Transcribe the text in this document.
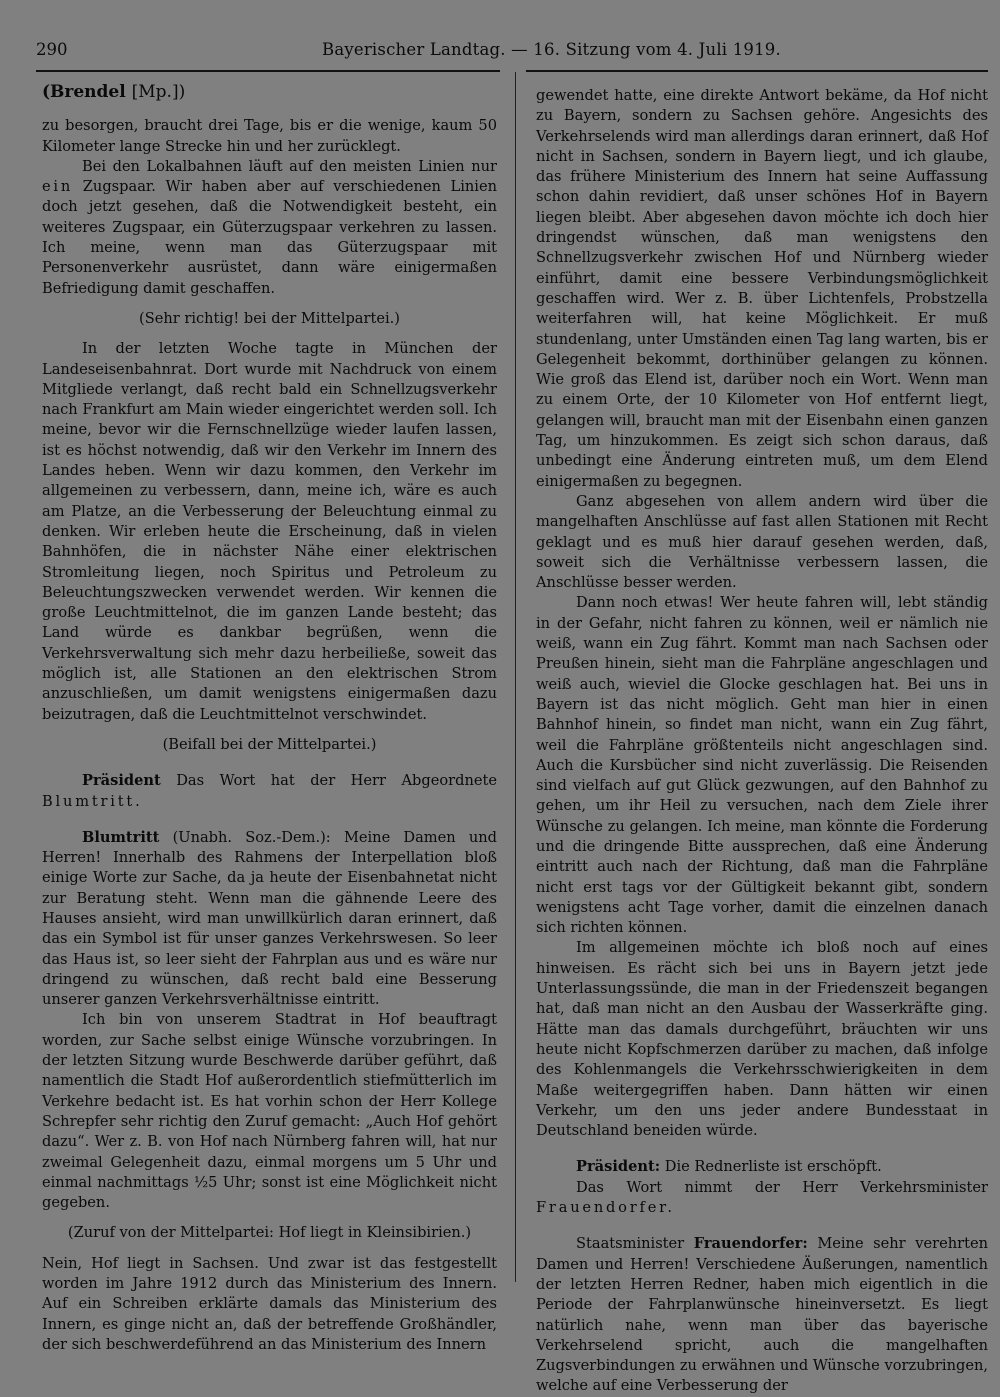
290	Bayerischer Landtag. — 16. Sitzung vom 4. Juli 1919.
(Brendel [Mp.])

zu besorgen, braucht drei Tage, bis er die wenige, kaum 50 Kilometer lange Strecke hin und her zurücklegt.

Bei den Lokalbahnen läuft auf den meisten Linien nur ein Zugspaar. Wir haben aber auf verschiedenen Linien doch jetzt gesehen, daß die Notwendigkeit besteht, ein weiteres Zugspaar, ein Güterzugspaar verkehren zu lassen. Ich meine, wenn man das Güterzugspaar mit Personenverkehr ausrüstet, dann wäre einigermaßen Befriedigung damit geschaffen.

(Sehr richtig! bei der Mittelpartei.)

In der letzten Woche tagte in München der Landeseisenbahnrat. Dort wurde mit Nachdruck von einem Mitgliede verlangt, daß recht bald ein Schnellzugsverkehr nach Frankfurt am Main wieder eingerichtet werden soll. Ich meine, bevor wir die Fernschnellzüge wieder laufen lassen, ist es höchst notwendig, daß wir den Verkehr im Innern des Landes heben. Wenn wir dazu kommen, den Verkehr im allgemeinen zu verbessern, dann, meine ich, wäre es auch am Platze, an die Verbesserung der Beleuchtung einmal zu denken. Wir erleben heute die Erscheinung, daß in vielen Bahnhöfen, die in nächster Nähe einer elektrischen Stromleitung liegen, noch Spiritus und Petroleum zu Beleuchtungszwecken verwendet werden. Wir kennen die große Leuchtmittelnot, die im ganzen Lande besteht; das Land würde es dankbar begrüßen, wenn die Verkehrsverwaltung sich mehr dazu herbeiließe, soweit das möglich ist, alle Stationen an den elektrischen Strom anzuschließen, um damit wenigstens einigermaßen dazu beizutragen, daß die Leuchtmittelnot verschwindet.

(Beifall bei der Mittelpartei.)

Präsident Das Wort hat der Herr Abgeordnete Blumtritt.

Blumtritt (Unabh. Soz.-Dem.): Meine Damen und Herren! Innerhalb des Rahmens der Interpellation bloß einige Worte zur Sache, da ja heute der Eisenbahnetat nicht zur Beratung steht. Wenn man die gähnende Leere des Hauses ansieht, wird man unwillkürlich daran erinnert, daß das ein Symbol ist für unser ganzes Verkehrswesen. So leer das Haus ist, so leer sieht der Fahrplan aus und es wäre nur dringend zu wünschen, daß recht bald eine Besserung unserer ganzen Verkehrsverhältnisse eintritt.

Ich bin von unserem Stadtrat in Hof beauftragt worden, zur Sache selbst einige Wünsche vorzubringen. In der letzten Sitzung wurde Beschwerde darüber geführt, daß namentlich die Stadt Hof außerordentlich stiefmütterlich im Verkehre bedacht ist. Es hat vorhin schon der Herr Kollege Schrepfer sehr richtig den Zuruf gemacht: „Auch Hof gehört dazu“. Wer z. B. von Hof nach Nürnberg fahren will, hat nur zweimal Gelegenheit dazu, einmal morgens um 5 Uhr und einmal nachmittags ½5 Uhr; sonst ist eine Möglichkeit nicht gegeben.

(Zuruf von der Mittelpartei: Hof liegt in Kleinsibirien.)

Nein, Hof liegt in Sachsen. Und zwar ist das festgestellt worden im Jahre 1912 durch das Ministerium des Innern. Auf ein Schreiben erklärte damals das Ministerium des Innern, es ginge nicht an, daß der betreffende Großhändler, der sich beschwerdeführend an das Ministerium des Innern

gewendet hatte, eine direkte Antwort bekäme, da Hof nicht zu Bayern, sondern zu Sachsen gehöre. Angesichts des Verkehrselends wird man allerdings daran erinnert, daß Hof nicht in Sachsen, sondern in Bayern liegt, und ich glaube, das frühere Ministerium des Innern hat seine Auffassung schon dahin revidiert, daß unser schönes Hof in Bayern liegen bleibt. Aber abgesehen davon möchte ich doch hier dringendst wünschen, daß man wenigstens den Schnellzugsverkehr zwischen Hof und Nürnberg wieder einführt, damit eine bessere Verbindungsmöglichkeit geschaffen wird. Wer z. B. über Lichtenfels, Probstzella weiterfahren will, hat keine Möglichkeit. Er muß stundenlang, unter Umständen einen Tag lang warten, bis er Gelegenheit bekommt, dorthinüber gelangen zu können. Wie groß das Elend ist, darüber noch ein Wort. Wenn man zu einem Orte, der 10 Kilometer von Hof entfernt liegt, gelangen will, braucht man mit der Eisenbahn einen ganzen Tag, um hinzukommen. Es zeigt sich schon daraus, daß unbedingt eine Änderung eintreten muß, um dem Elend einigermaßen zu begegnen.

Ganz abgesehen von allem andern wird über die mangelhaften Anschlüsse auf fast allen Stationen mit Recht geklagt und es muß hier darauf gesehen werden, daß, soweit sich die Verhältnisse verbessern lassen, die Anschlüsse besser werden.

Dann noch etwas! Wer heute fahren will, lebt ständig in der Gefahr, nicht fahren zu können, weil er nämlich nie weiß, wann ein Zug fährt. Kommt man nach Sachsen oder Preußen hinein, sieht man die Fahrpläne angeschlagen und weiß auch, wieviel die Glocke geschlagen hat. Bei uns in Bayern ist das nicht möglich. Geht man hier in einen Bahnhof hinein, so findet man nicht, wann ein Zug fährt, weil die Fahrpläne größtenteils nicht angeschlagen sind. Auch die Kursbücher sind nicht zuverlässig. Die Reisenden sind vielfach auf gut Glück gezwungen, auf den Bahnhof zu gehen, um ihr Heil zu versuchen, nach dem Ziele ihrer Wünsche zu gelangen. Ich meine, man könnte die Forderung und die dringende Bitte aussprechen, daß eine Änderung eintritt auch nach der Richtung, daß man die Fahrpläne nicht erst tags vor der Gültigkeit bekannt gibt, sondern wenigstens acht Tage vorher, damit die einzelnen danach sich richten können.

Im allgemeinen möchte ich bloß noch auf eines hinweisen. Es rächt sich bei uns in Bayern jetzt jede Unterlassungssünde, die man in der Friedenszeit begangen hat, daß man nicht an den Ausbau der Wasserkräfte ging. Hätte man das damals durchgeführt, bräuchten wir uns heute nicht Kopfschmerzen darüber zu machen, daß infolge des Kohlenmangels die Verkehrsschwierigkeiten in dem Maße weitergegriffen haben. Dann hätten wir einen Verkehr, um den uns jeder andere Bundesstaat in Deutschland beneiden würde.

Präsident: Die Rednerliste ist erschöpft.

Das Wort nimmt der Herr Verkehrsminister Frauendorfer.

Staatsminister Frauendorfer: Meine sehr verehrten Damen und Herren! Verschiedene Äußerungen, namentlich der letzten Herren Redner, haben mich eigentlich in die Periode der Fahrplanwünsche hineinversetzt. Es liegt natürlich nahe, wenn man über das bayerische Verkehrselend spricht, auch die mangelhaften Zugsverbindungen zu erwähnen und Wünsche vorzubringen, welche auf eine Verbesserung der
